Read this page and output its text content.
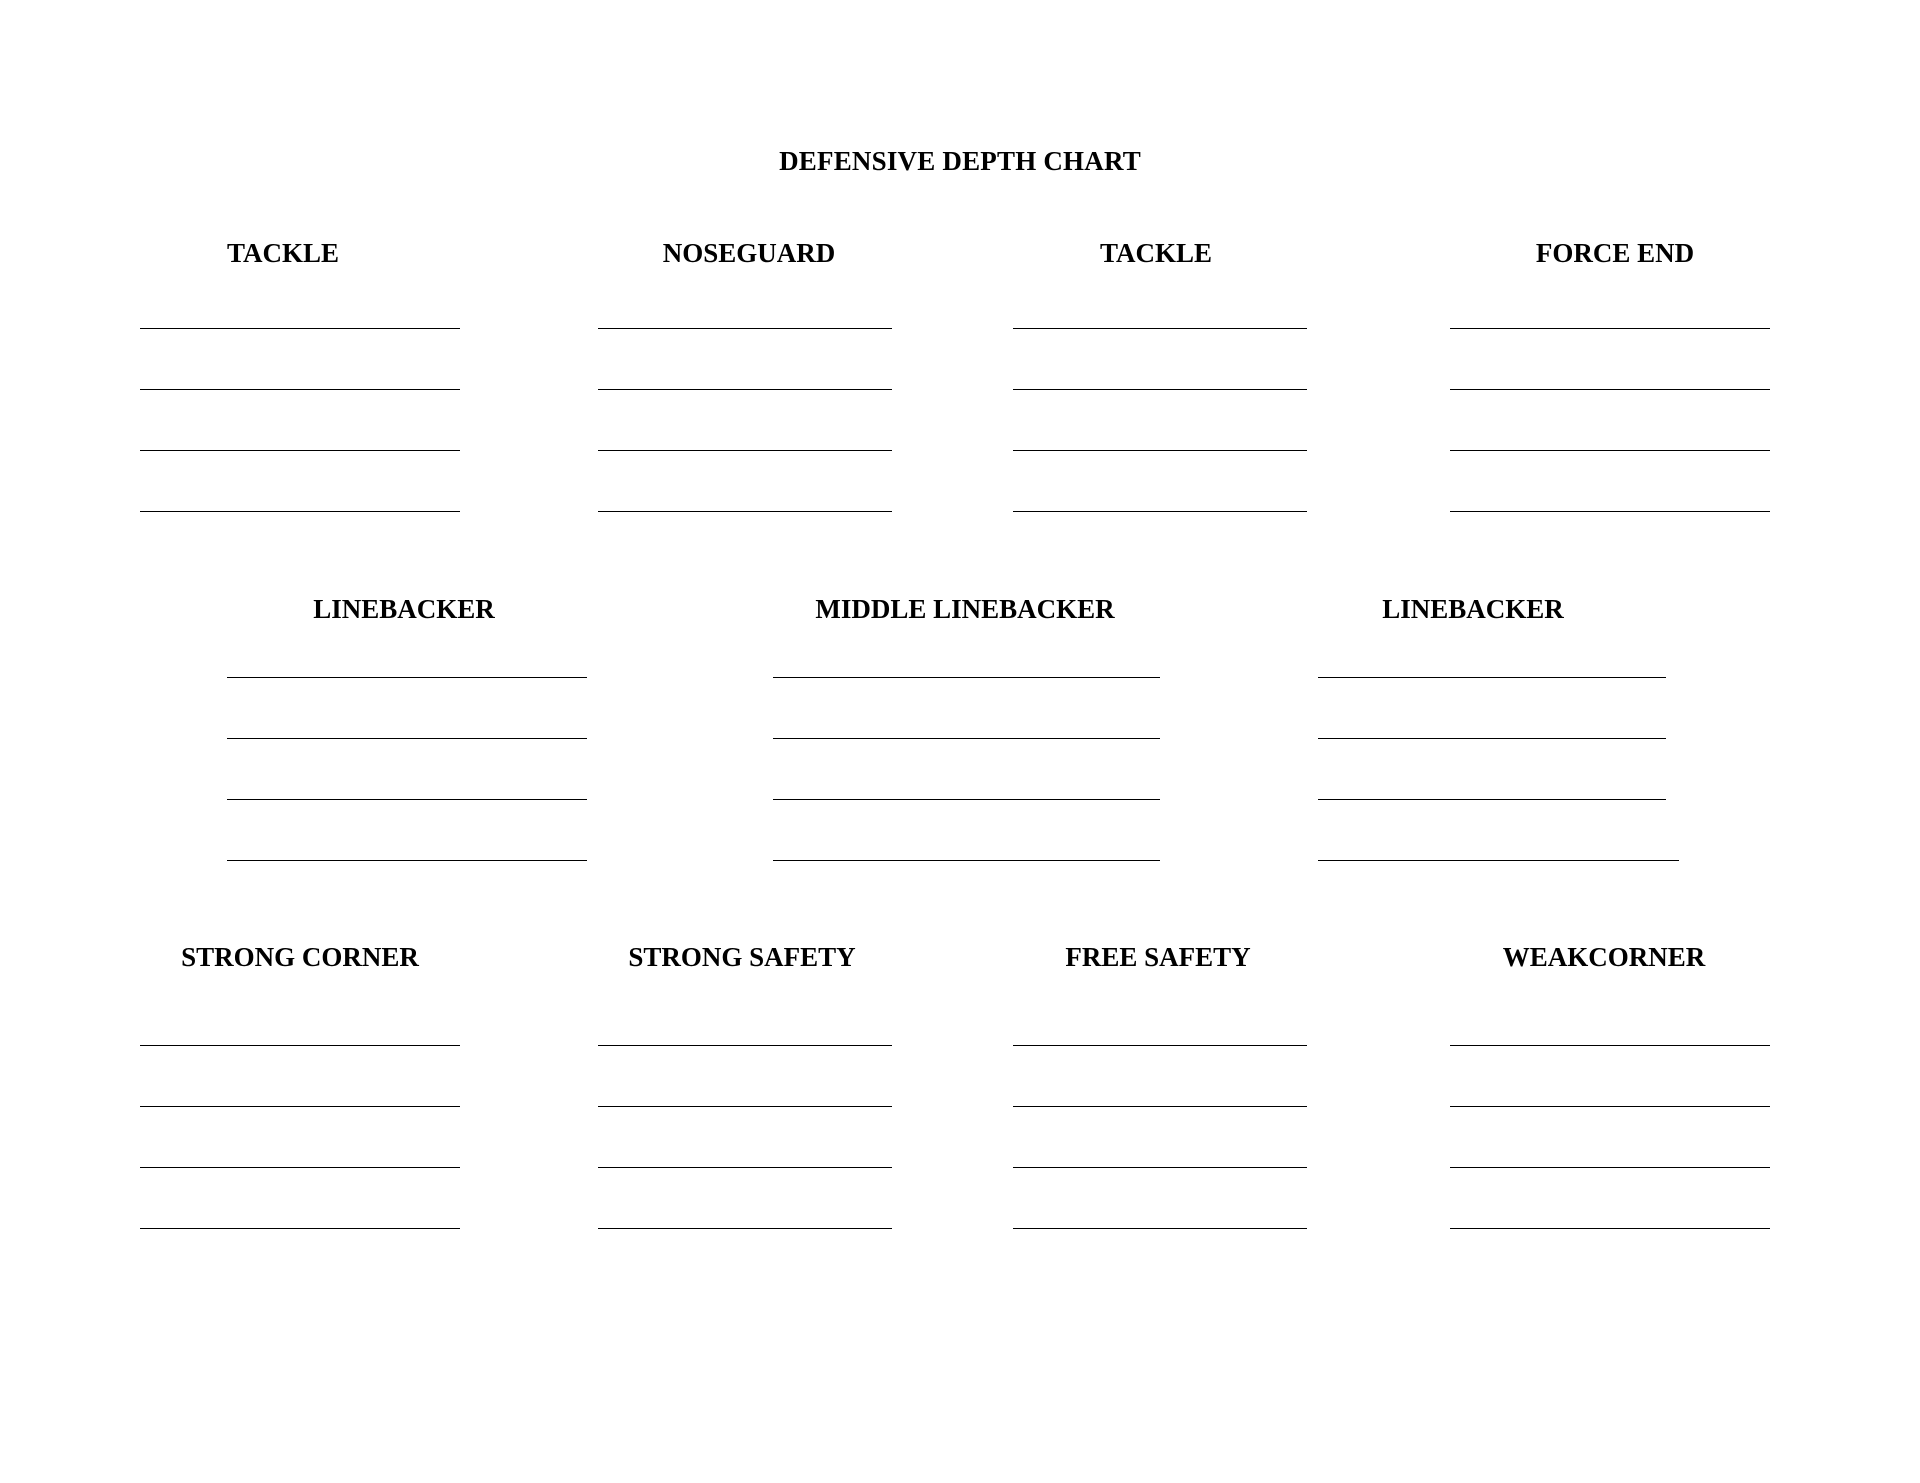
DEFENSIVE DEPTH CHART
TACKLE	NOSEGUARD	TACKLE	FORCE END
LINEBACKER	MIDDLE LINEBACKER	LINEBACKER
STRONG CORNER	STRONG SAFETY	FREE SAFETY	WEAKCORNER
